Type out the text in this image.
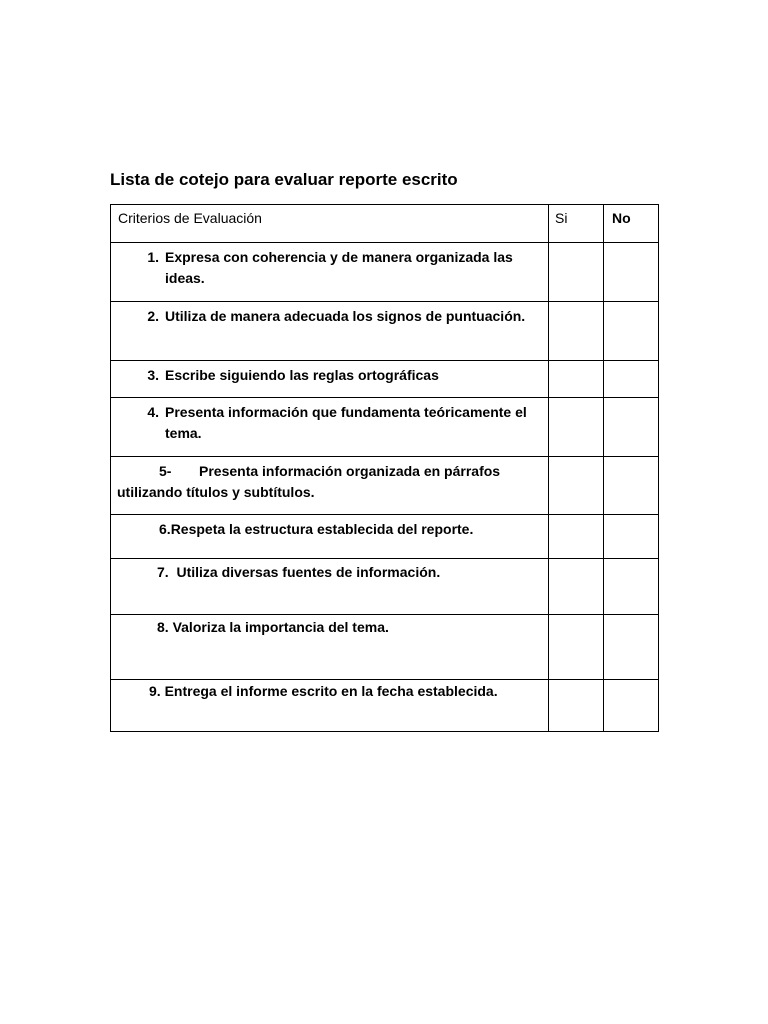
Lista de cotejo para evaluar reporte escrito
Criterios de Evaluación	Si	No

1. Expresa con coherencia y de manera organizada las ideas.		

2. Utiliza de manera adecuada los signos de puntuación.		

3. Escribe siguiendo las reglas ortográficas		

4. Presenta información que fundamenta teóricamente el tema.		

5- Presenta información organizada en párrafos
utilizando títulos y subtítulos.		

6.Respeta la estructura establecida del reporte.		

7. Utiliza diversas fuentes de información.		

8. Valoriza la importancia del tema.		

9. Entrega el informe escrito en la fecha establecida.		
